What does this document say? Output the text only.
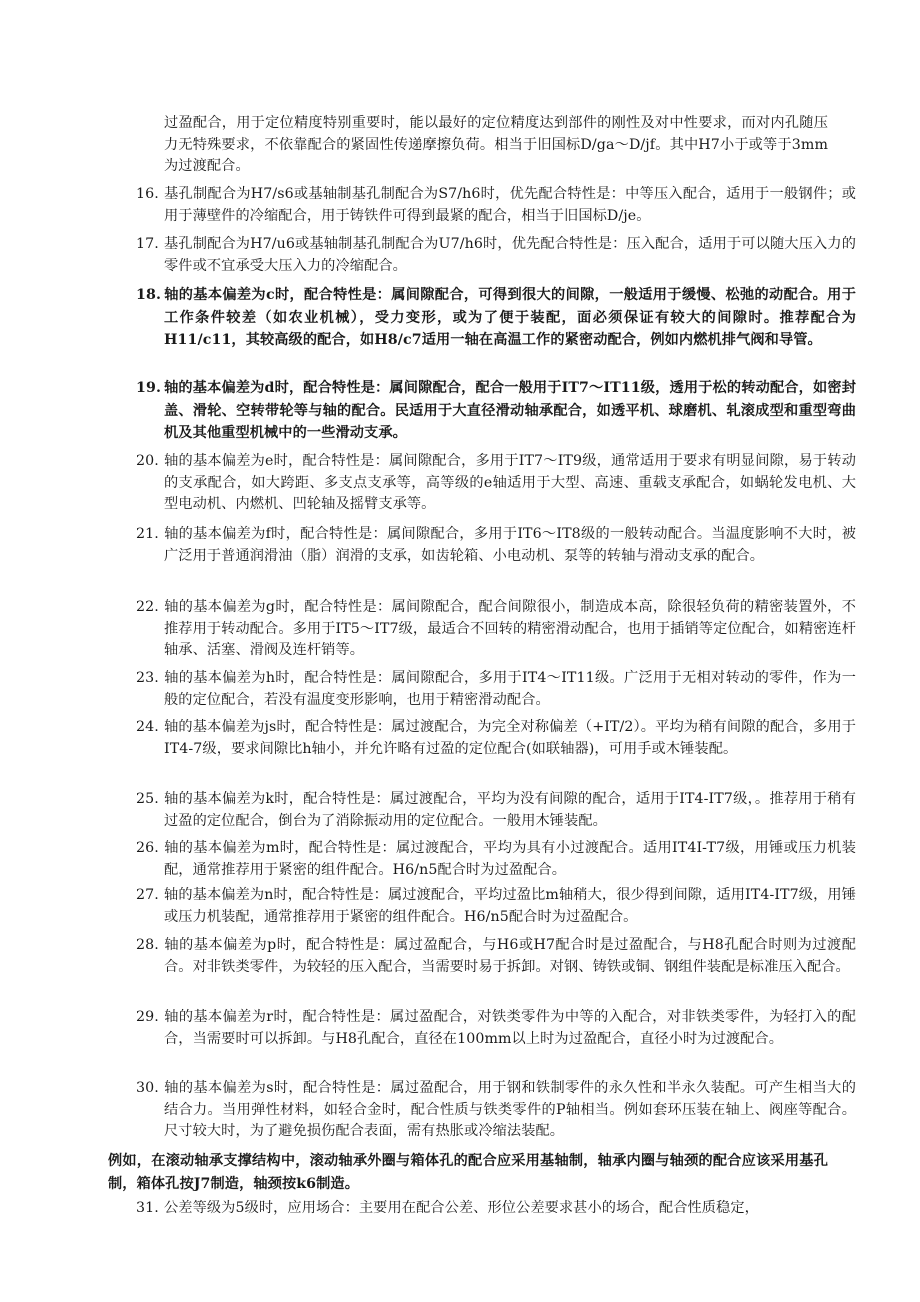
过盈配合，用于定位精度特别重要时，能以最好的定位精度达到部件的刚性及对中性要求，而对内孔随压力无特殊要求，不依靠配合的紧固性传递摩擦负荷。相当于旧国标D/ga～D/jf。其中H7小于或等于3mm为过渡配合。

16. 基孔制配合为H7/s6或基轴制基孔制配合为S7/h6时，优先配合特性是：中等压入配合，适用于一般钢件；或用于薄壁件的冷缩配合，用于铸铁件可得到最紧的配合，相当于旧国标D/je。

17. 基孔制配合为H7/u6或基轴制基孔制配合为U7/h6时，优先配合特性是：压入配合，适用于可以随大压入力的零件或不宜承受大压入力的冷缩配合。

18. 轴的基本偏差为c时，配合特性是：属间隙配合，可得到很大的间隙，一般适用于缓慢、松弛的动配合。用于工作条件较差（如农业机械），受力变形，或为了便于装配，面必须保证有较大的间隙时。推荐配合为H11/c11，其较高级的配合，如H8/c7适用一轴在高温工作的紧密动配合，例如内燃机排气阀和导管。

19. 轴的基本偏差为d时，配合特性是：属间隙配合，配合一般用于IT7～IT11级，透用于松的转动配合，如密封盖、滑轮、空转带轮等与轴的配合。民适用于大直径滑动轴承配合，如透平机、球磨机、轧滚成型和重型弯曲机及其他重型机械中的一些滑动支承。

20. 轴的基本偏差为e时，配合特性是：属间隙配合，多用于IT7～IT9级，通常适用于要求有明显间隙，易于转动的支承配合，如大跨距、多支点支承等，高等级的e轴适用于大型、高速、重载支承配合，如蜗轮发电机、大型电动机、内燃机、凹轮轴及摇臂支承等。

21. 轴的基本偏差为f时，配合特性是：属间隙配合，多用于IT6～IT8级的一般转动配合。当温度影响不大时，被广泛用于普通润滑油（脂）润滑的支承，如齿轮箱、小电动机、泵等的转轴与滑动支承的配合。

22. 轴的基本偏差为g时，配合特性是：属间隙配合，配合间隙很小，制造成本高，除很轻负荷的精密装置外，不推荐用于转动配合。多用于IT5～IT7级，最适合不回转的精密滑动配合，也用于插销等定位配合，如精密连杆轴承、活塞、滑阀及连杆销等。

23. 轴的基本偏差为h时，配合特性是：属间隙配合，多用于IT4～IT11级。广泛用于无相对转动的零件，作为一般的定位配合，若没有温度变形影响，也用于精密滑动配合。

24. 轴的基本偏差为js时，配合特性是：属过渡配合，为完全对称偏差（+IT/2）。平均为稍有间隙的配合，多用于IT4-7级，要求间隙比h轴小，并允许略有过盈的定位配合(如联轴器)，可用手或木锤装配。

25. 轴的基本偏差为k时，配合特性是：属过渡配合，平均为没有间隙的配合，适用于IT4-IT7级，。推荐用于稍有过盈的定位配合，倒台为了消除振动用的定位配合。一般用木锤装配。

26. 轴的基本偏差为m时，配合特性是：属过渡配合，平均为具有小过渡配合。适用IT4I-T7级，用锤或压力机装配，通常推荐用于紧密的组件配合。H6/n5配合时为过盈配合。

27. 轴的基本偏差为n时，配合特性是：属过渡配合，平均过盈比m轴稍大，很少得到间隙，适用IT4-IT7级，用锤或压力机装配，通常推荐用于紧密的组件配合。H6/n5配合时为过盈配合。

28. 轴的基本偏差为p时，配合特性是：属过盈配合，与H6或H7配合时是过盈配合，与H8孔配合时则为过渡配合。对非铁类零件，为较轻的压入配合，当需要时易于拆卸。对钢、铸铁或铜、钢组件装配是标准压入配合。

29. 轴的基本偏差为r时，配合特性是：属过盈配合，对铁类零件为中等的入配合，对非铁类零件，为轻打入的配合，当需要时可以拆卸。与H8孔配合，直径在100mm以上时为过盈配合，直径小时为过渡配合。

30. 轴的基本偏差为s时，配合特性是：属过盈配合，用于钢和铁制零件的永久性和半永久装配。可产生相当大的结合力。当用弹性材料，如轻合金时，配合性质与铁类零件的P轴相当。例如套环压装在轴上、阀座等配合。尺寸较大时，为了避免损伤配合表面，需有热胀或冷缩法装配。

例如，在滚动轴承支撑结构中，滚动轴承外圈与箱体孔的配合应采用基轴制，轴承内圈与轴颈的配合应该采用基孔制，箱体孔按J7制造，轴颈按k6制造。

31. 公差等级为5级时，应用场合：主要用在配合公差、形位公差要求甚小的场合，配合性质稳定，
